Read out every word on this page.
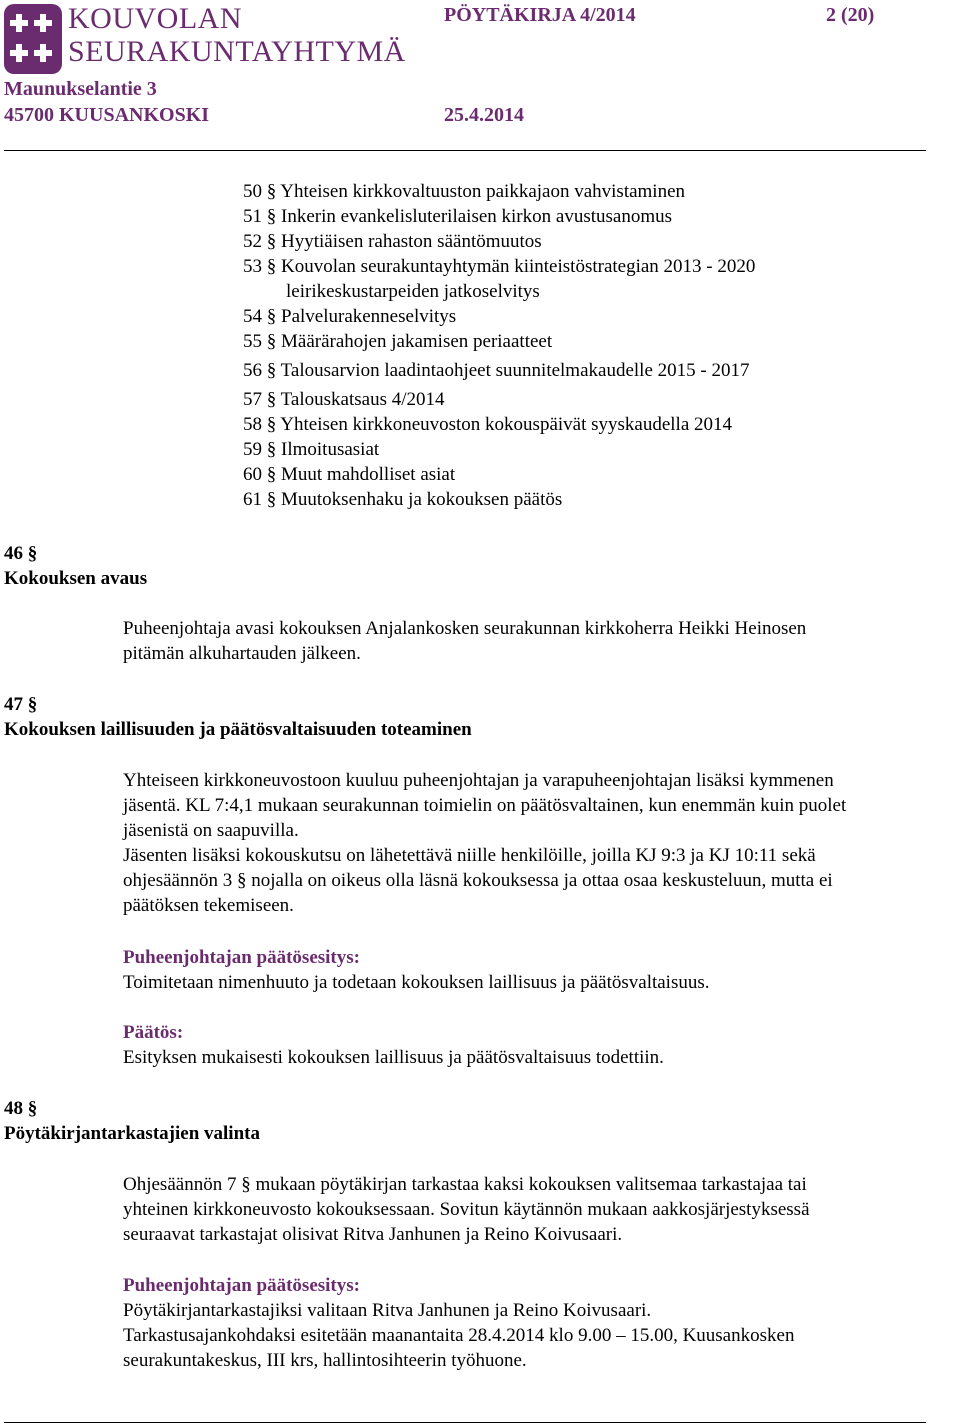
KOUVOLAN
SEURAKUNTAYHTYMÄ
PÖYTÄKIRJA 4/2014	2 (20)
Maunukselantie 3
45700 KUUSANKOSKI	25.4.2014
50 § Yhteisen kirkkovaltuuston paikkajaon vahvistaminen
51 § Inkerin evankelisluterilaisen kirkon avustusanomus
52 § Hyytiäisen rahaston sääntömuutos
53 § Kouvolan seurakuntayhtymän kiinteistöstrategian 2013 - 2020
leirikeskustarpeiden jatkoselvitys
54 § Palvelurakenneselvitys
55 § Määrärahojen jakamisen periaatteet
56 § Talousarvion laadintaohjeet suunnitelmakaudelle 2015 - 2017
57 § Talouskatsaus 4/2014
58 § Yhteisen kirkkoneuvoston kokouspäivät syyskaudella 2014
59 § Ilmoitusasiat
60 § Muut mahdolliset asiat
61 § Muutoksenhaku ja kokouksen päätös
46 §
Kokouksen avaus
Puheenjohtaja avasi kokouksen Anjalankosken seurakunnan kirkkoherra Heikki Heinosen
pitämän alkuhartauden jälkeen.
47 §
Kokouksen laillisuuden ja päätösvaltaisuuden toteaminen
Yhteiseen kirkkoneuvostoon kuuluu puheenjohtajan ja varapuheenjohtajan lisäksi kymmenen
jäsentä. KL 7:4,1 mukaan seurakunnan toimielin on päätösvaltainen, kun enemmän kuin puolet
jäsenistä on saapuvilla.
Jäsenten lisäksi kokouskutsu on lähetettävä niille henkilöille, joilla KJ 9:3 ja KJ 10:11 sekä
ohjesäännön 3 § nojalla on oikeus olla läsnä kokouksessa ja ottaa osaa keskusteluun, mutta ei
päätöksen tekemiseen.
Puheenjohtajan päätösesitys:
Toimitetaan nimenhuuto ja todetaan kokouksen laillisuus ja päätösvaltaisuus.
Päätös:
Esityksen mukaisesti kokouksen laillisuus ja päätösvaltaisuus todettiin.
48 §
Pöytäkirjantarkastajien valinta
Ohjesäännön 7 § mukaan pöytäkirjan tarkastaa kaksi kokouksen valitsemaa tarkastajaa tai
yhteinen kirkkoneuvosto kokouksessaan. Sovitun käytännön mukaan aakkosjärjestyksessä
seuraavat tarkastajat olisivat Ritva Janhunen ja Reino Koivusaari.
Puheenjohtajan päätösesitys:
Pöytäkirjantarkastajiksi valitaan Ritva Janhunen ja Reino Koivusaari.
Tarkastusajankohdaksi esitetään maanantaita 28.4.2014 klo 9.00 – 15.00, Kuusankosken
seurakuntakeskus, III krs, hallintosihteerin työhuone.
